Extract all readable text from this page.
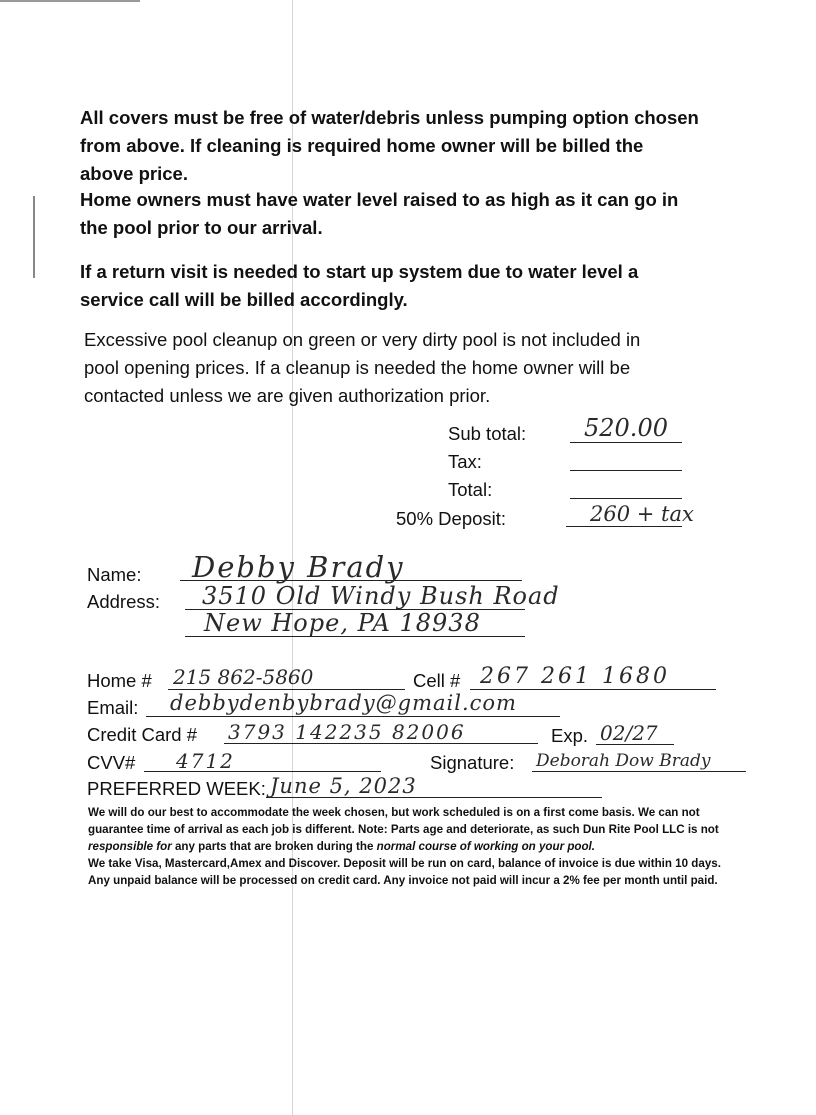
All covers must be free of water/debris unless pumping option chosen
from above. If cleaning is required home owner will be billed the
above price.
Home owners must have water level raised to as high as it can go in
the pool prior to our arrival.
If a return visit is needed to start up system due to water level a
service call will be billed accordingly.
Excessive pool cleanup on green or very dirty pool is not included in
pool opening prices. If a cleanup is needed the home owner will be
contacted unless we are given authorization prior.
Sub total: 520.00
Tax:
Total:
50% Deposit:	260 + tax
Name: Debby Brady
Address: 3510 Old Windy Bush Road
New Hope, PA 18938
Home # 215 862-5860	Cell # 267 261 1680
Email: debbydenbybrady@gmail.com
Credit Card # 3793 142235 82006	Exp. 02/27
CVV# 4712	Signature: Deborah Dow Brady
PREFERRED WEEK: June 5, 2023
We will do our best to accommodate the week chosen, but work scheduled is on a first come basis. We can not
guarantee time of arrival as each job is different. Note: Parts age and deteriorate, as such Dun Rite Pool LLC is not
responsible for any parts that are broken during the normal course of working on your pool.
We take Visa, Mastercard,Amex and Discover. Deposit will be run on card, balance of invoice is due within 10 days.
Any unpaid balance will be processed on credit card. Any invoice not paid will incur a 2% fee per month until paid.
